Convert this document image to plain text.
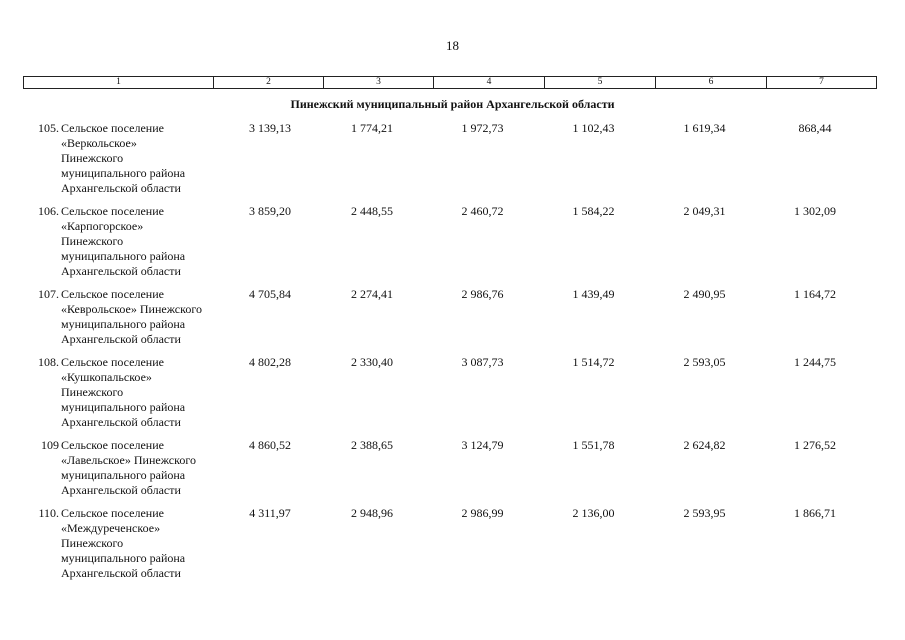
18
1	2	3	4	5	6	7
Пинежский муниципальный район Архангельской области
105. Сельское поселение
«Веркольское»
Пинежского
муниципального района
Архангельской области
3 139,13	1 774,21	1 972,73	1 102,43	1 619,34	868,44
106. Сельское поселение
«Карпогорское»
Пинежского
муниципального района
Архангельской области
3 859,20	2 448,55	2 460,72	1 584,22	2 049,31	1 302,09
107. Сельское поселение
«Кеврольское» Пинежского
муниципального района
Архангельской области
4 705,84	2 274,41	2 986,76	1 439,49	2 490,95	1 164,72
108. Сельское поселение
«Кушкопальское»
Пинежского
муниципального района
Архангельской области
4 802,28	2 330,40	3 087,73	1 514,72	2 593,05	1 244,75
109 Сельское поселение
«Лавельское» Пинежского
муниципального района
Архангельской области
4 860,52	2 388,65	3 124,79	1 551,78	2 624,82	1 276,52
110. Сельское поселение
«Междуреченское»
Пинежского
муниципального района
Архангельской области
4 311,97	2 948,96	2 986,99	2 136,00	2 593,95	1 866,71
